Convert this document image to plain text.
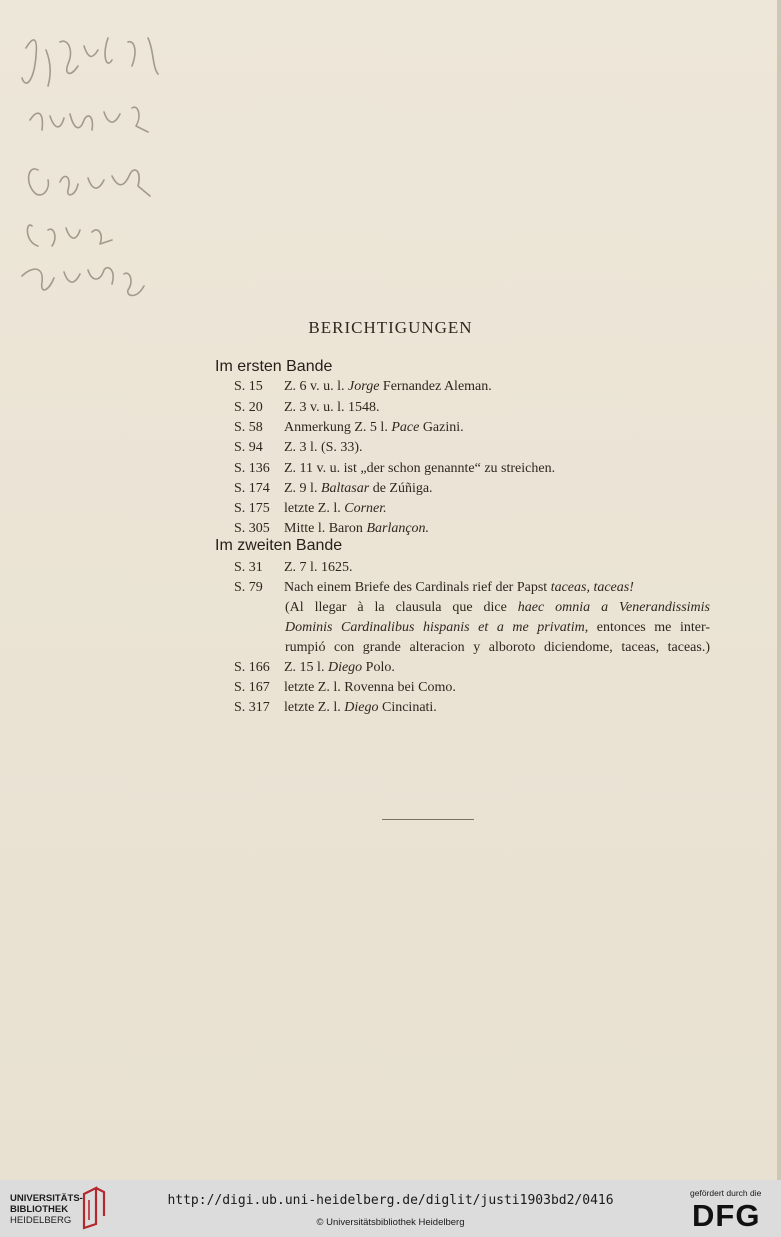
BERICHTIGUNGEN
Im ersten Bande
S. 15 Z. 6 v. u. l. Jorge Fernandez Aleman.
S. 20 Z. 3 v. u. l. 1548.
S. 58 Anmerkung Z. 5 l. Pace Gazini.
S. 94 Z. 3 l. (S. 33).
S. 136 Z. 11 v. u. ist „der schon genannte“ zu streichen.
S. 174 Z. 9 l. Baltasar de Zúñiga.
S. 175 letzte Z. l. Corner.
S. 305 Mitte l. Baron Barlançon.
Im zweiten Bande
S. 31 Z. 7 l. 1625.
S. 79 Nach einem Briefe des Cardinals rief der Papst taceas, taceas!
(Al llegar à la clausula que dice haec omnia a Venerandissimis
Dominis Cardinalibus hispanis et a me privatim, entonces me inter-
rumpió con grande alteracion y alboroto diciendome, taceas, taceas.)
S. 166 Z. 15 l. Diego Polo.
S. 167 letzte Z. l. Rovenna bei Como.
S. 317 letzte Z. l. Diego Cincinati.
UNIVERSITÄTS-
BIBLIOTHEK
HEIDELBERG
http://digi.ub.uni-heidelberg.de/diglit/justi1903bd2/0416
© Universitätsbibliothek Heidelberg
gefördert durch die
DFG
